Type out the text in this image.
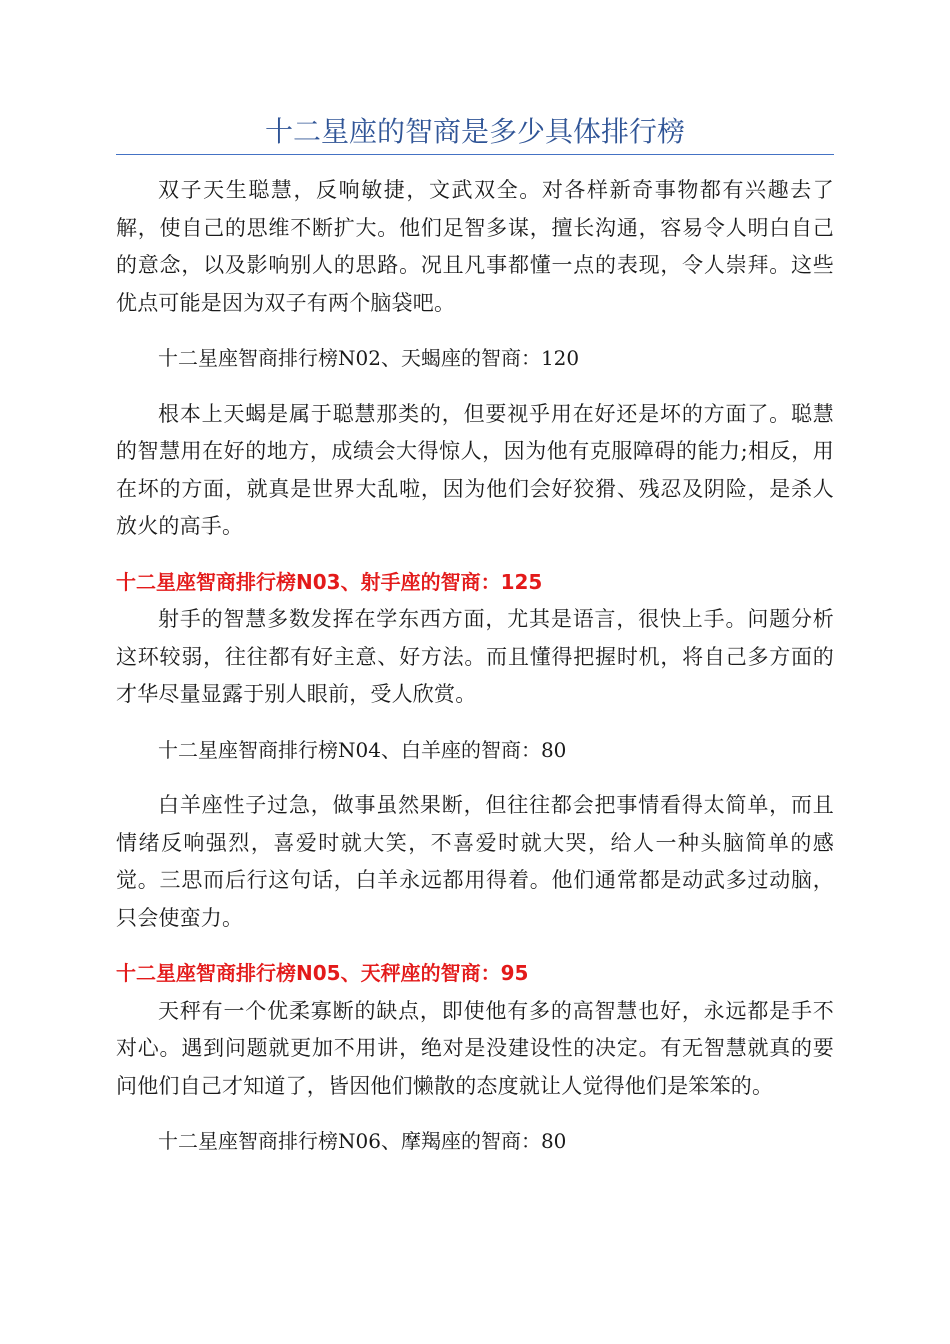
十二星座的智商是多少具体排行榜

双子天生聪慧，反响敏捷，文武双全。对各样新奇事物都有兴趣去了解，使自己的思维不断扩大。他们足智多谋，擅长沟通，容易令人明白自己的意念，以及影响别人的思路。况且凡事都懂一点的表现，令人崇拜。这些优点可能是因为双子有两个脑袋吧。

十二星座智商排行榜N02、天蝎座的智商：120

根本上天蝎是属于聪慧那类的，但要视乎用在好还是坏的方面了。聪慧的智慧用在好的地方，成绩会大得惊人，因为他有克服障碍的能力;相反，用在坏的方面，就真是世界大乱啦，因为他们会好狡猾、残忍及阴险，是杀人放火的高手。

十二星座智商排行榜N03、射手座的智商：125

射手的智慧多数发挥在学东西方面，尤其是语言，很快上手。问题分析这环较弱，往往都有好主意、好方法。而且懂得把握时机，将自己多方面的才华尽量显露于别人眼前，受人欣赏。

十二星座智商排行榜N04、白羊座的智商：80

白羊座性子过急，做事虽然果断，但往往都会把事情看得太简单，而且情绪反响强烈，喜爱时就大笑，不喜爱时就大哭，给人一种头脑简单的感觉。三思而后行这句话，白羊永远都用得着。他们通常都是动武多过动脑，只会使蛮力。

十二星座智商排行榜N05、天秤座的智商：95

天秤有一个优柔寡断的缺点，即使他有多的高智慧也好，永远都是手不对心。遇到问题就更加不用讲，绝对是没建设性的决定。有无智慧就真的要问他们自己才知道了，皆因他们懒散的态度就让人觉得他们是笨笨的。

十二星座智商排行榜N06、摩羯座的智商：80
